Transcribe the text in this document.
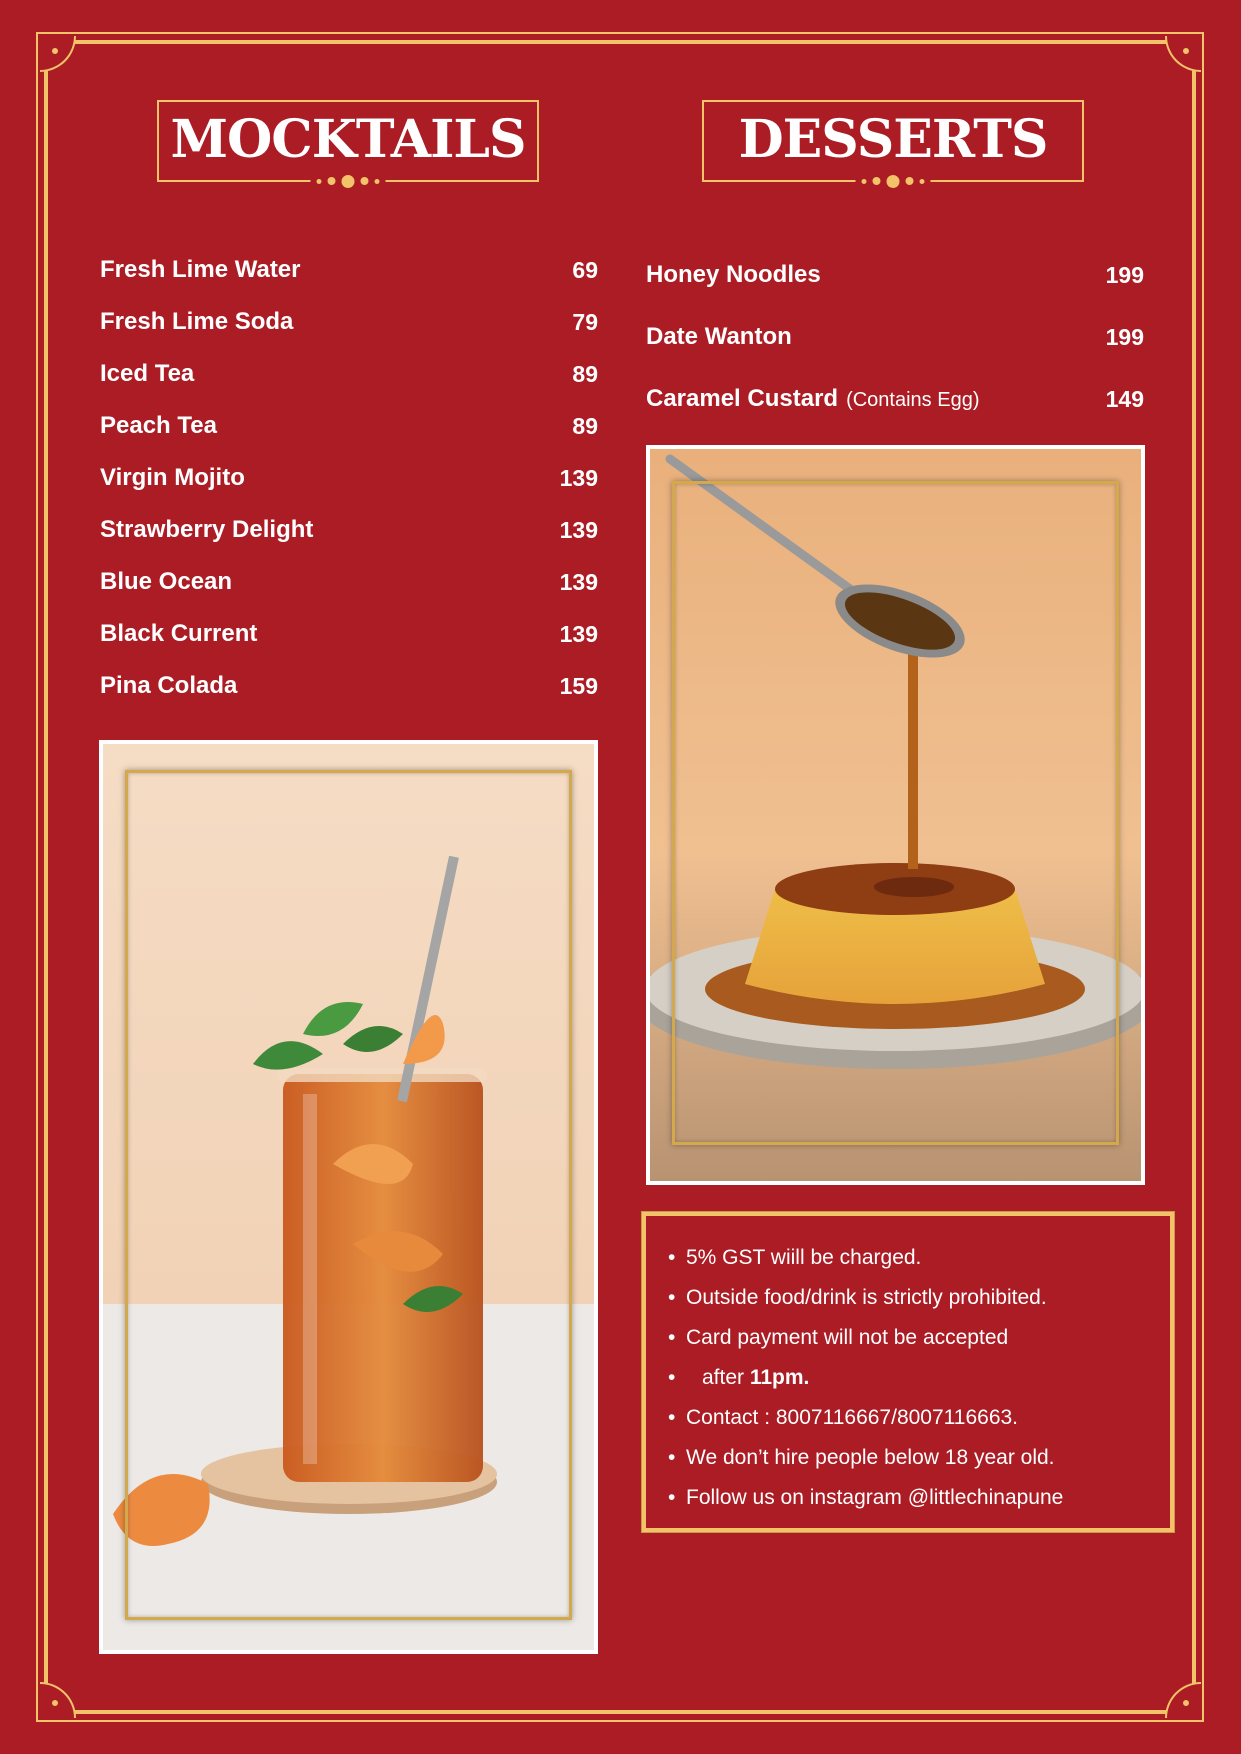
MOCKTAILS	DESSERTS
Fresh Lime Water	69
Fresh Lime Soda	79
Iced Tea	89
Peach Tea	89
Virgin Mojito	139
Strawberry Delight	139
Blue Ocean	139
Black Current	139
Pina Colada	159
Honey Noodles	199
Date Wanton	199
Caramel Custard (Contains Egg)	149
• 5% GST wiill be charged.
• Outside food/drink is strictly prohibited.
• Card payment will not be accepted
• after 11pm.
• Contact : 8007116667/8007116663.
• We don’t hire people below 18 year old.
• Follow us on instagram @littlechinapune
